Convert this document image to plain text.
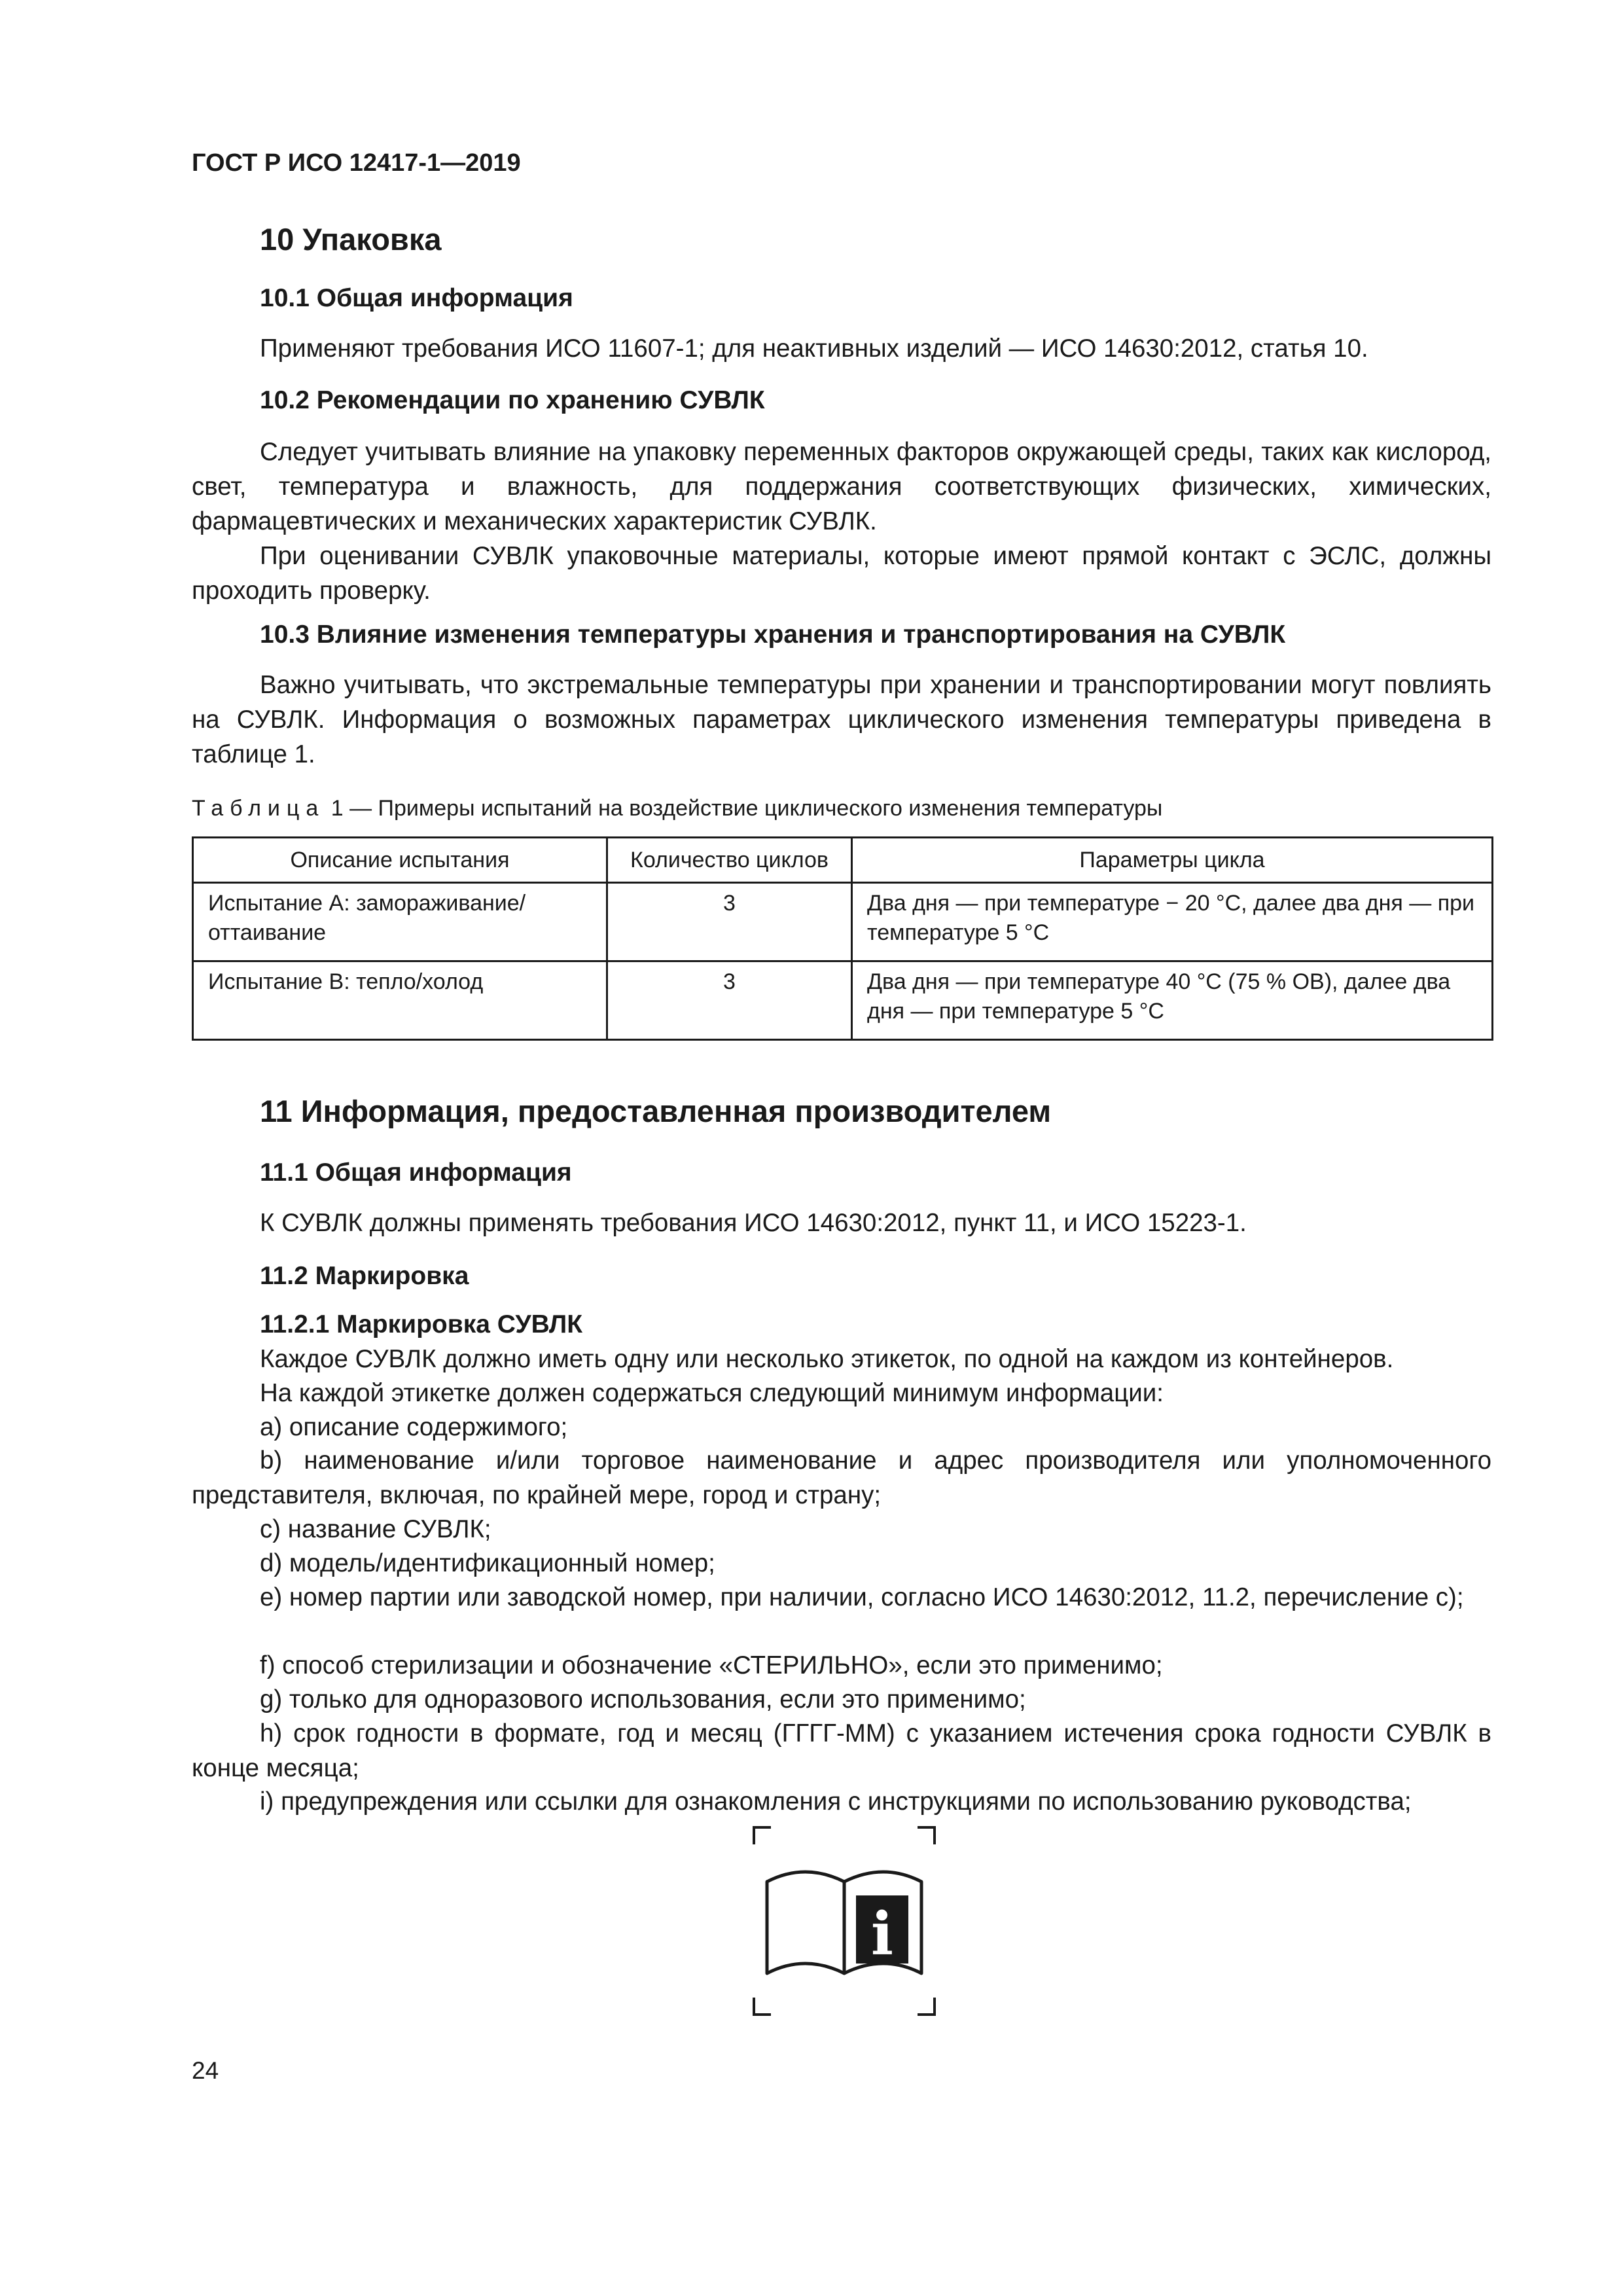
ГОСТ Р ИСО 12417-1—2019
10 Упаковка
10.1 Общая информация
Применяют требования ИСО 11607-1; для неактивных изделий — ИСО 14630:2012, статья 10.
10.2 Рекомендации по хранению СУВЛК

Следует учитывать влияние на упаковку переменных факторов окружающей среды, таких как кислород, свет, температура и влажность, для поддержания соответствующих физических, химических, фармацевтических и механических характеристик СУВЛК.

При оценивании СУВЛК упаковочные материалы, которые имеют прямой контакт с ЭСЛС, должны проходить проверку.

10.3 Влияние изменения температуры хранения и транспортирования на СУВЛК

Важно учитывать, что экстремальные температуры при хранении и транспортировании могут повлиять на СУВЛК. Информация о возможных параметрах циклического изменения температуры приведена в таблице 1.

Таблица 1 — Примеры испытаний на воздействие циклического изменения температуры
Описание испытания	Количество циклов	Параметры цикла
Испытание А: замораживание/оттаивание	3	Два дня — при температуре − 20 °С, далее два дня — при температуре 5 °С
Испытание В: тепло/холод	3	Два дня — при температуре 40 °С (75 % ОВ), далее два дня — при температуре 5 °С
11 Информация, предоставленная производителем
11.1 Общая информация
К СУВЛК должны применять требования ИСО 14630:2012, пункт 11, и ИСО 15223-1.
11.2 Маркировка
11.2.1 Маркировка СУВЛК
Каждое СУВЛК должно иметь одну или несколько этикеток, по одной на каждом из контейнеров.
На каждой этикетке должен содержаться следующий минимум информации:
а) описание содержимого;

b) наименование и/или торговое наименование и адрес производителя или уполномоченного представителя, включая, по крайней мере, город и страну;

с) название СУВЛК;
d) модель/идентификационный номер;

е) номер партии или заводской номер, при наличии, согласно ИСО 14630:2012, 11.2, перечисление с);

f) способ стерилизации и обозначение «СТЕРИЛЬНО», если это применимо;
g) только для одноразового использования, если это применимо;

h) срок годности в формате, год и месяц (ГГГГ-ММ) с указанием истечения срока годности СУВЛК в конце месяца;

i) предупреждения или ссылки для ознакомления с инструкциями по использованию руководства;
i
24
